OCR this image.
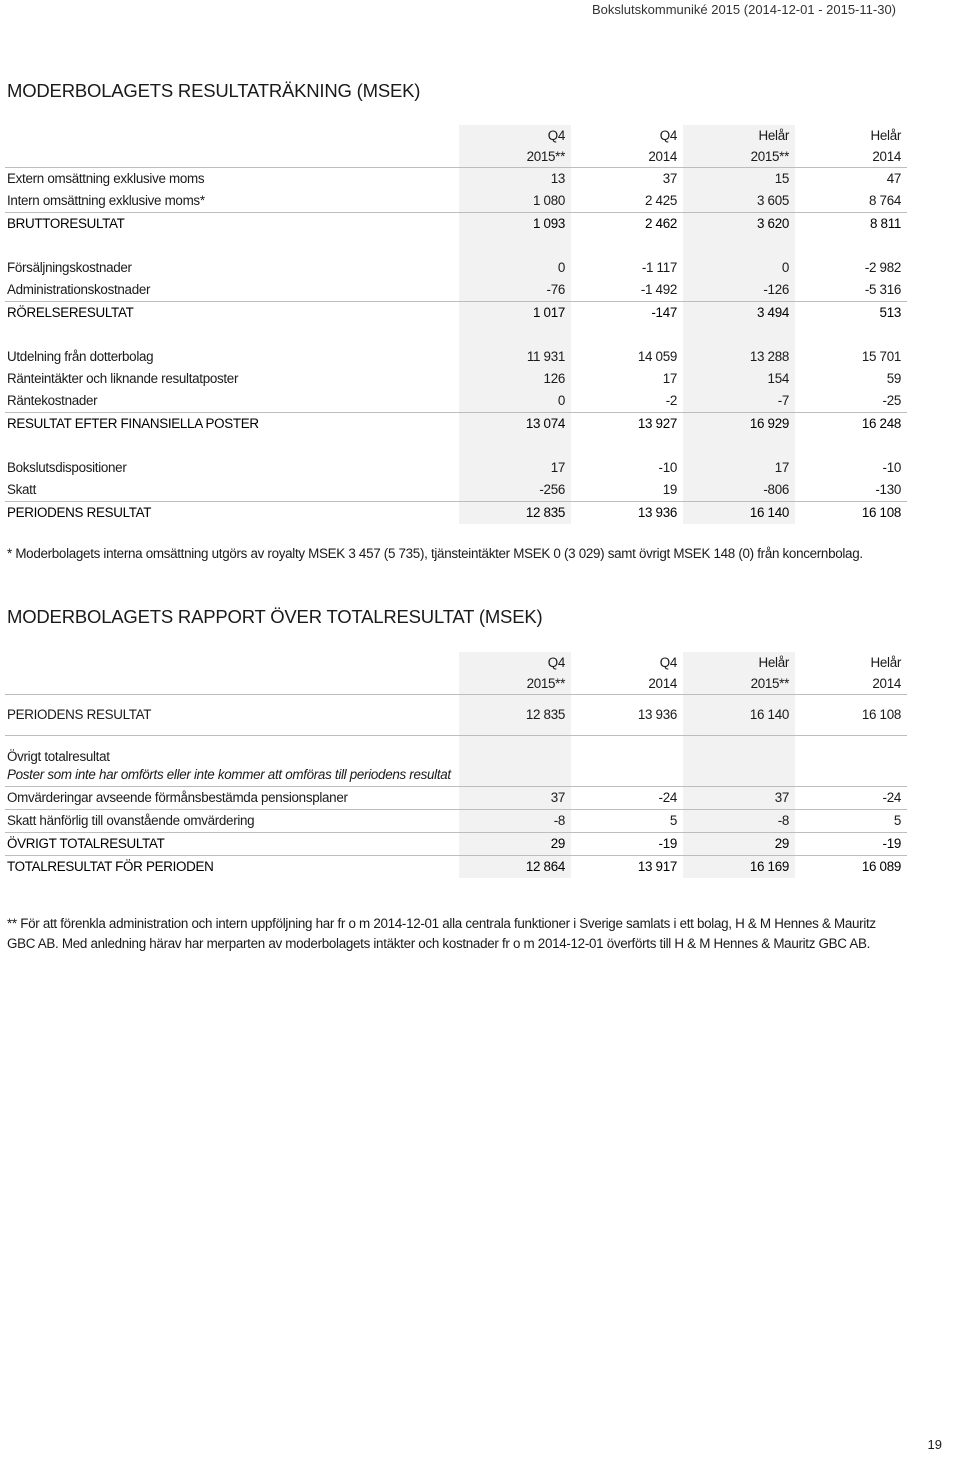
Bokslutskommuniké 2015 (2014-12-01 - 2015-11-30)
MODERBOLAGETS RESULTATRÄKNING (MSEK)
	Q4	Q4	Helår	Helår
	2015**	2014	2015**	2014
Extern omsättning exklusive moms	13	37	15	47
Intern omsättning exklusive moms*	1 080	2 425	3 605	8 764
BRUTTORESULTAT	1 093	2 462	3 620	8 811

Försäljningskostnader	0	-1 117	0	-2 982
Administrationskostnader	-76	-1 492	-126	-5 316
RÖRELSERESULTAT	1 017	-147	3 494	513

Utdelning från dotterbolag	11 931	14 059	13 288	15 701
Ränteintäkter och liknande resultatposter	126	17	154	59
Räntekostnader	0	-2	-7	-25
RESULTAT EFTER FINANSIELLA POSTER	13 074	13 927	16 929	16 248

Bokslutsdispositioner	17	-10	17	-10
Skatt	-256	19	-806	-130
PERIODENS RESULTAT	12 835	13 936	16 140	16 108

* Moderbolagets interna omsättning utgörs av royalty MSEK 3 457 (5 735), tjänsteintäkter MSEK 0 (3 029) samt övrigt MSEK 148 (0) från koncernbolag.

MODERBOLAGETS RAPPORT ÖVER TOTALRESULTAT (MSEK)
	Q4	Q4	Helår	Helår
	2015**	2014	2015**	2014
PERIODENS RESULTAT	12 835	13 936	16 140	16 108

Övrigt totalresultat
Poster som inte har omförts eller inte kommer att omföras till periodens resultat				

Omvärderingar avseende förmånsbestämda pensionsplaner	37	-24	37	-24
Skatt hänförlig till ovanstående omvärdering	-8	5	-8	5
ÖVRIGT TOTALRESULTAT	29	-19	29	-19
TOTALRESULTAT FÖR PERIODEN	12 864	13 917	16 169	16 089

** För att förenkla administration och intern uppföljning har fr o m 2014-12-01 alla centrala funktioner i Sverige samlats i ett bolag, H & M Hennes & Mauritz GBC AB. Med anledning härav har merparten av moderbolagets intäkter och kostnader fr o m 2014-12-01 överförts till H & M Hennes & Mauritz GBC AB.

19
